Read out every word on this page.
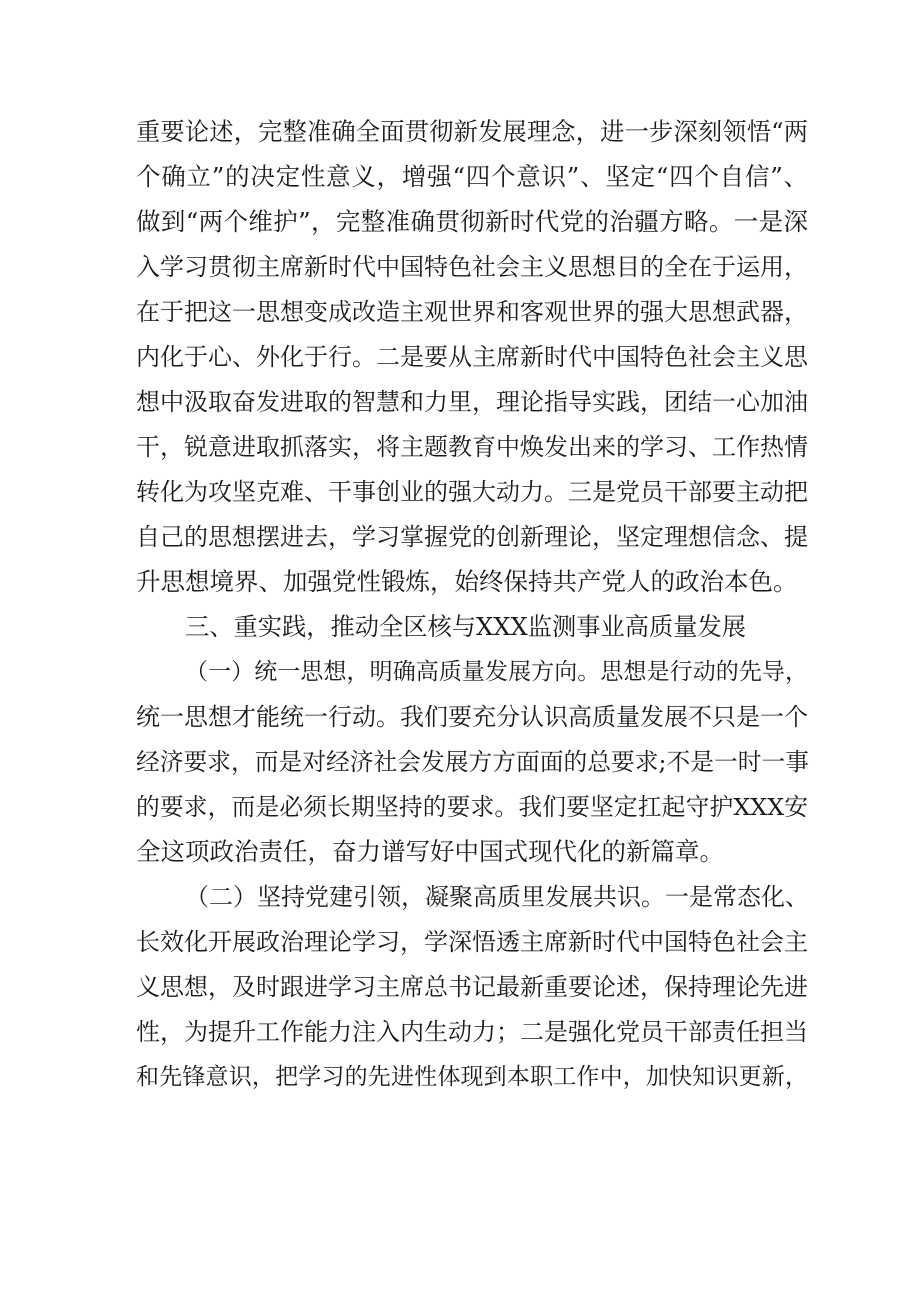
重要论述，完整准确全面贯彻新发展理念，进一步深刻领悟“两
个确立”的决定性意义，增强“四个意识”、坚定“四个自信”、
做到“两个维护”，完整准确贯彻新时代党的治疆方略。一是深
入学习贯彻主席新时代中国特色社会主义思想目的全在于运用，
在于把这一思想变成改造主观世界和客观世界的强大思想武器，
内化于心、外化于行。二是要从主席新时代中国特色社会主义思
想中汲取奋发进取的智慧和力里，理论指导实践，团结一心加油
干，锐意进取抓落实，将主题教育中焕发出来的学习、工作热情
转化为攻坚克难、干事创业的强大动力。三是党员干部要主动把
自己的思想摆进去，学习掌握党的创新理论，坚定理想信念、提
升思想境界、加强党性锻炼，始终保持共产党人的政治本色。
三、重实践，推动全区核与XXX监测事业高质量发展
（一）统一思想，明确高质量发展方向。思想是行动的先导，
统一思想才能统一行动。我们要充分认识高质量发展不只是一个
经济要求，而是对经济社会发展方方面面的总要求;不是一时一事
的要求，而是必须长期坚持的要求。我们要坚定扛起守护XXX安
全这项政治责任，奋力谱写好中国式现代化的新篇章。
（二）坚持党建引领，凝聚高质里发展共识。一是常态化、
长效化开展政治理论学习，学深悟透主席新时代中国特色社会主
义思想，及时跟进学习主席总书记最新重要论述，保持理论先进
性，为提升工作能力注入内生动力；二是强化党员干部责任担当
和先锋意识，把学习的先进性体现到本职工作中，加快知识更新，
